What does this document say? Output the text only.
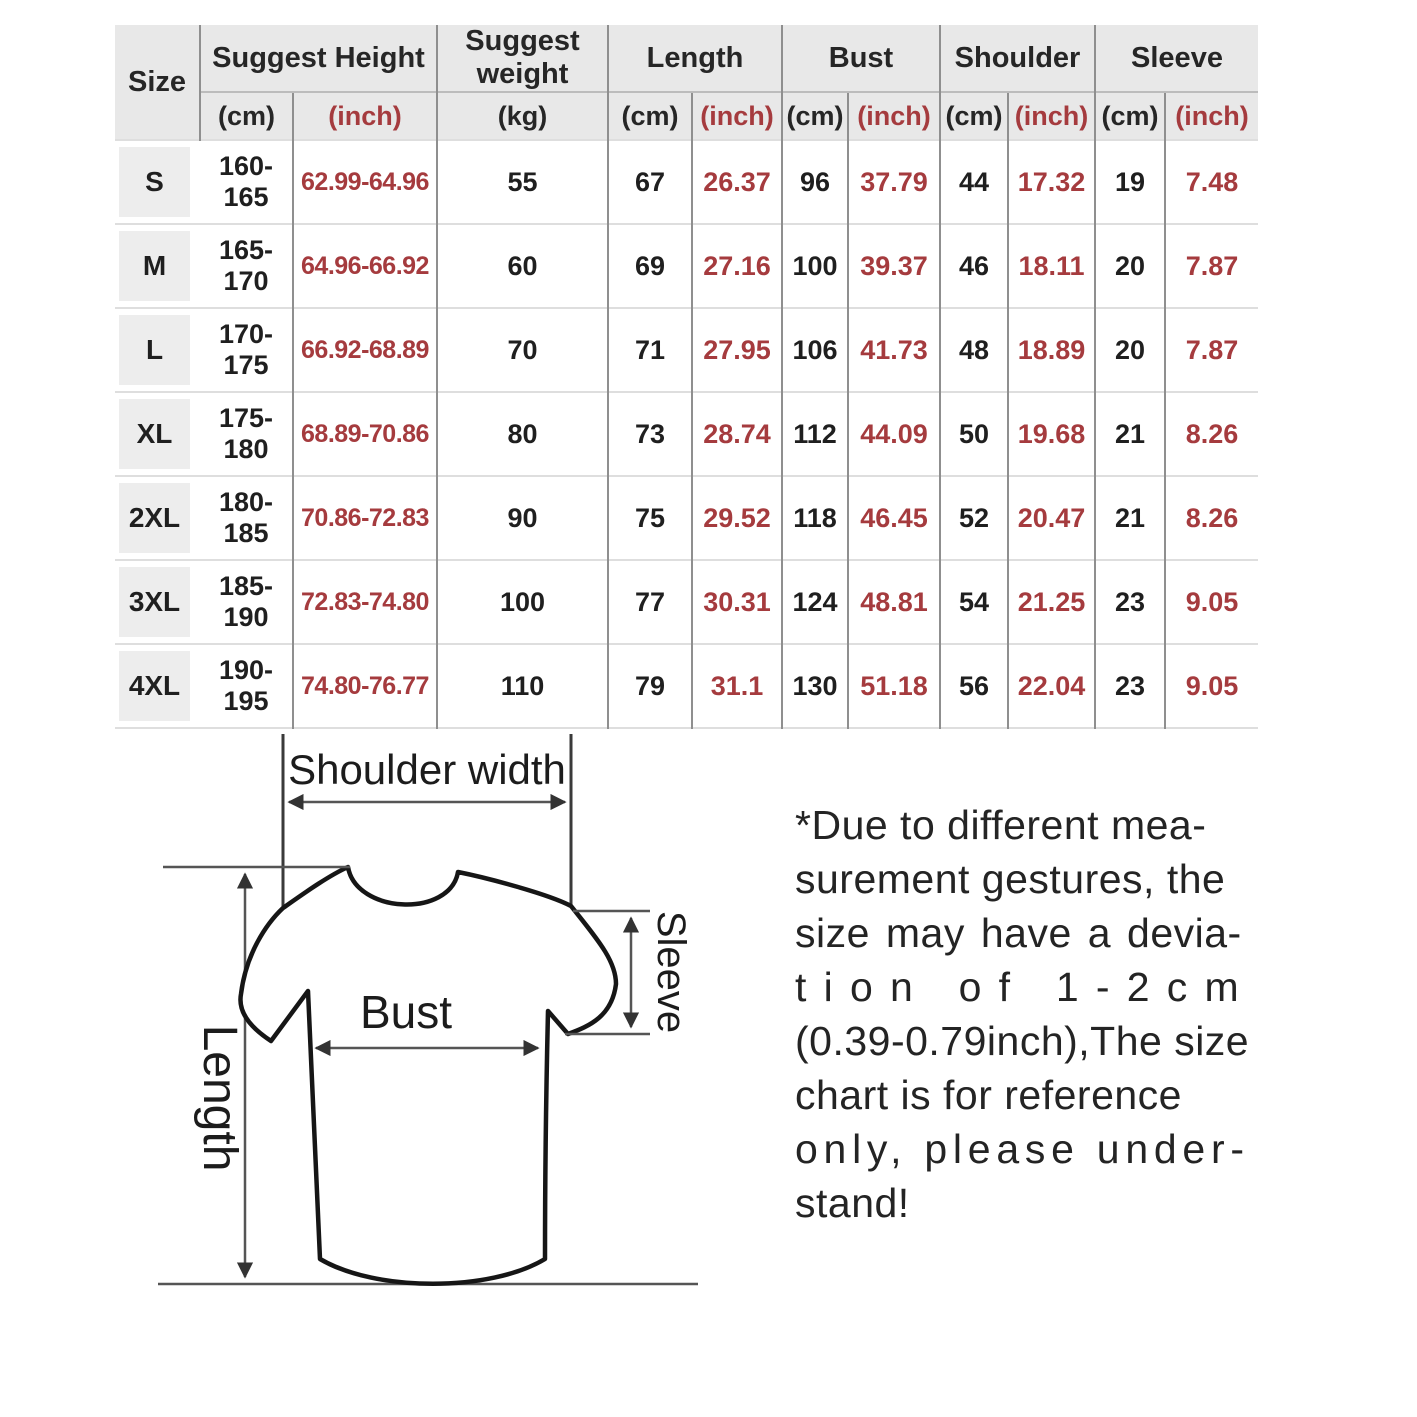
Size	Suggest Height		Suggest weight	Length		Bust		Shoulder		Sleeve	
	(cm)	(inch)	(kg)	(cm)	(inch)	(cm)	(inch)	(cm)	(inch)	(cm)	(inch)

S	160-165	62.99-64.96	55	67	26.37	96	37.79	44	17.32	19	7.48

M	165-170	64.96-66.92	60	69	27.16	100	39.37	46	18.11	20	7.87

L	170-175	66.92-68.89	70	71	27.95	106	41.73	48	18.89	20	7.87

XL	175-180	68.89-70.86	80	73	28.74	112	44.09	50	19.68	21	8.26

2XL	180-185	70.86-72.83	90	75	29.52	118	46.45	52	20.47	21	8.26

3XL	185-190	72.83-74.80	100	77	30.31	124	48.81	54	21.25	23	9.05

4XL	190-195	74.80-76.77	110	79	31.1	130	51.18	56	22.04	23	9.05
Shoulder width
Length
Sleeve
Bust
*Due to different mea-
surement gestures, the
size may have a devia-
tion of 1-2cm
(0.39-0.79inch),The size
chart is for reference
only, please under-
stand!
